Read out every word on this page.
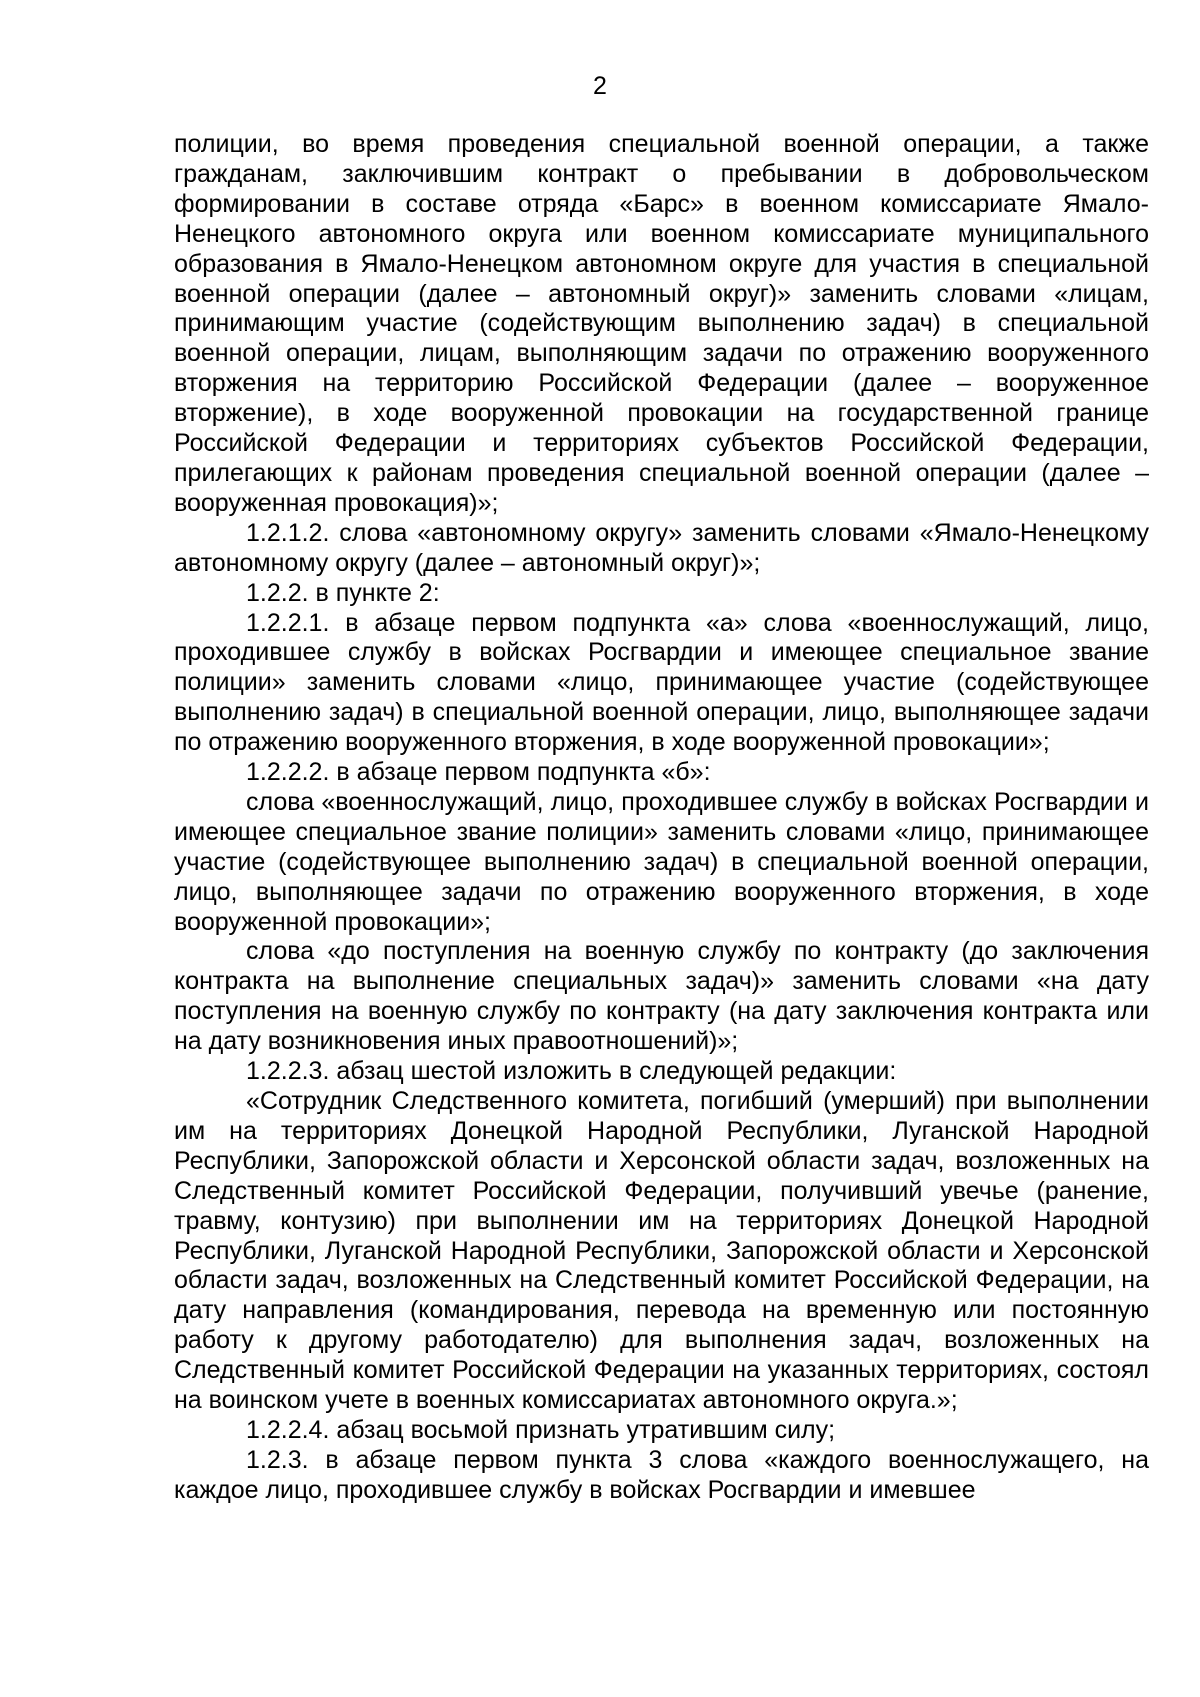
2

полиции, во время проведения специальной военной операции, а также гражданам, заключившим контракт о пребывании в добровольческом формировании в составе отряда «Барс» в военном комиссариате Ямало-Ненецкого автономного округа или военном комиссариате муниципального образования в Ямало-Ненецком автономном округе для участия в специальной военной операции (далее – автономный округ)» заменить словами «лицам, принимающим участие (содействующим выполнению задач) в специальной военной операции, лицам, выполняющим задачи по отражению вооруженного вторжения на территорию Российской Федерации (далее – вооруженное вторжение), в ходе вооруженной провокации на государственной границе Российской Федерации и территориях субъектов Российской Федерации, прилегающих к районам проведения специальной военной операции (далее – вооруженная провокация)»;

1.2.1.2. слова «автономному округу» заменить словами «Ямало-Ненецкому автономному округу (далее – автономный округ)»;

1.2.2. в пункте 2:

1.2.2.1. в абзаце первом подпункта «а» слова «военнослужащий, лицо, проходившее службу в войсках Росгвардии и имеющее специальное звание полиции» заменить словами «лицо, принимающее участие (содействующее выполнению задач) в специальной военной операции, лицо, выполняющее задачи по отражению вооруженного вторжения, в ходе вооруженной провокации»;

1.2.2.2. в абзаце первом подпункта «б»:

слова «военнослужащий, лицо, проходившее службу в войсках Росгвардии и имеющее специальное звание полиции» заменить словами «лицо, принимающее участие (содействующее выполнению задач) в специальной военной операции, лицо, выполняющее задачи по отражению вооруженного вторжения, в ходе вооруженной провокации»;

слова «до поступления на военную службу по контракту (до заключения контракта на выполнение специальных задач)» заменить словами «на дату поступления на военную службу по контракту (на дату заключения контракта или на дату возникновения иных правоотношений)»;

1.2.2.3. абзац шестой изложить в следующей редакции:

«Сотрудник Следственного комитета, погибший (умерший) при выполнении им на территориях Донецкой Народной Республики, Луганской Народной Республики, Запорожской области и Херсонской области задач, возложенных на Следственный комитет Российской Федерации, получивший увечье (ранение, травму, контузию) при выполнении им на территориях Донецкой Народной Республики, Луганской Народной Республики, Запорожской области и Херсонской области задач, возложенных на Следственный комитет Российской Федерации, на дату направления (командирования, перевода на временную или постоянную работу к другому работодателю) для выполнения задач, возложенных на Следственный комитет Российской Федерации на указанных территориях, состоял на воинском учете в военных комиссариатах автономного округа.»;

1.2.2.4. абзац восьмой признать утратившим силу;

1.2.3. в абзаце первом пункта 3 слова «каждого военнослужащего, на каждое лицо, проходившее службу в войсках Росгвардии и имевшее
